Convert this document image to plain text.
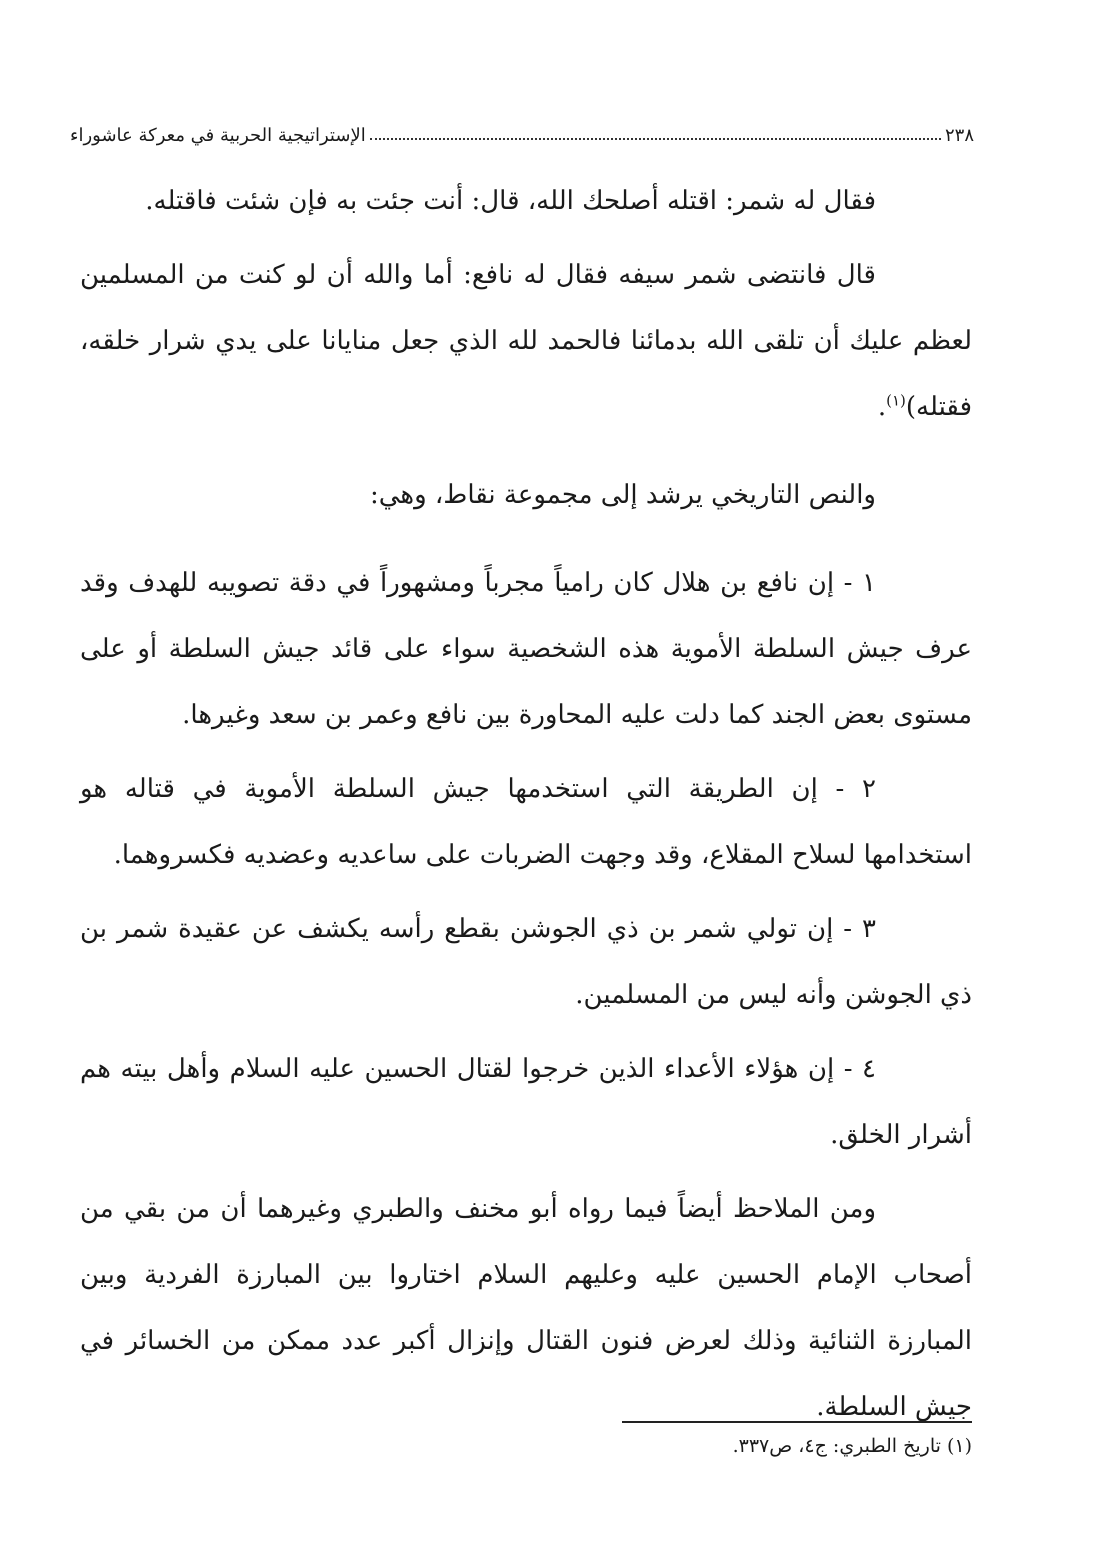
٢٣٨
الإستراتيجية الحربية في معركة عاشوراء

فقال له شمر: اقتله أصلحك الله، قال: أنت جئت به فإن شئت فاقتله.

قال فانتضى شمر سيفه فقال له نافع: أما والله أن لو كنت من المسلمين لعظم عليك أن تلقى الله بدمائنا فالحمد لله الذي جعل منايانا على يدي شرار خلقه، فقتله)$^{(١)}$.

والنص التاريخي يرشد إلى مجموعة نقاط، وهي:

١ - إن نافع بن هلال كان رامياً مجرباً ومشهوراً في دقة تصويبه للهدف وقد عرف جيش السلطة الأموية هذه الشخصية سواء على قائد جيش السلطة أو على مستوى بعض الجند كما دلت عليه المحاورة بين نافع وعمر بن سعد وغيرها.

٢ - إن الطريقة التي استخدمها جيش السلطة الأموية في قتاله هو استخدامها لسلاح المقلاع، وقد وجهت الضربات على ساعديه وعضديه فكسروهما.

٣ - إن تولي شمر بن ذي الجوشن بقطع رأسه يكشف عن عقيدة شمر بن ذي الجوشن وأنه ليس من المسلمين.

٤ - إن هؤلاء الأعداء الذين خرجوا لقتال الحسين عليه السلام وأهل بيته هم أشرار الخلق.

ومن الملاحظ أيضاً فيما رواه أبو مخنف والطبري وغيرهما أن من بقي من أصحاب الإمام الحسين عليه وعليهم السلام اختاروا بين المبارزة الفردية وبين المبارزة الثنائية وذلك لعرض فنون القتال وإنزال أكبر عدد ممكن من الخسائر في جيش السلطة.

(١) تاريخ الطبري: ج٤، ص٣٣٧.
